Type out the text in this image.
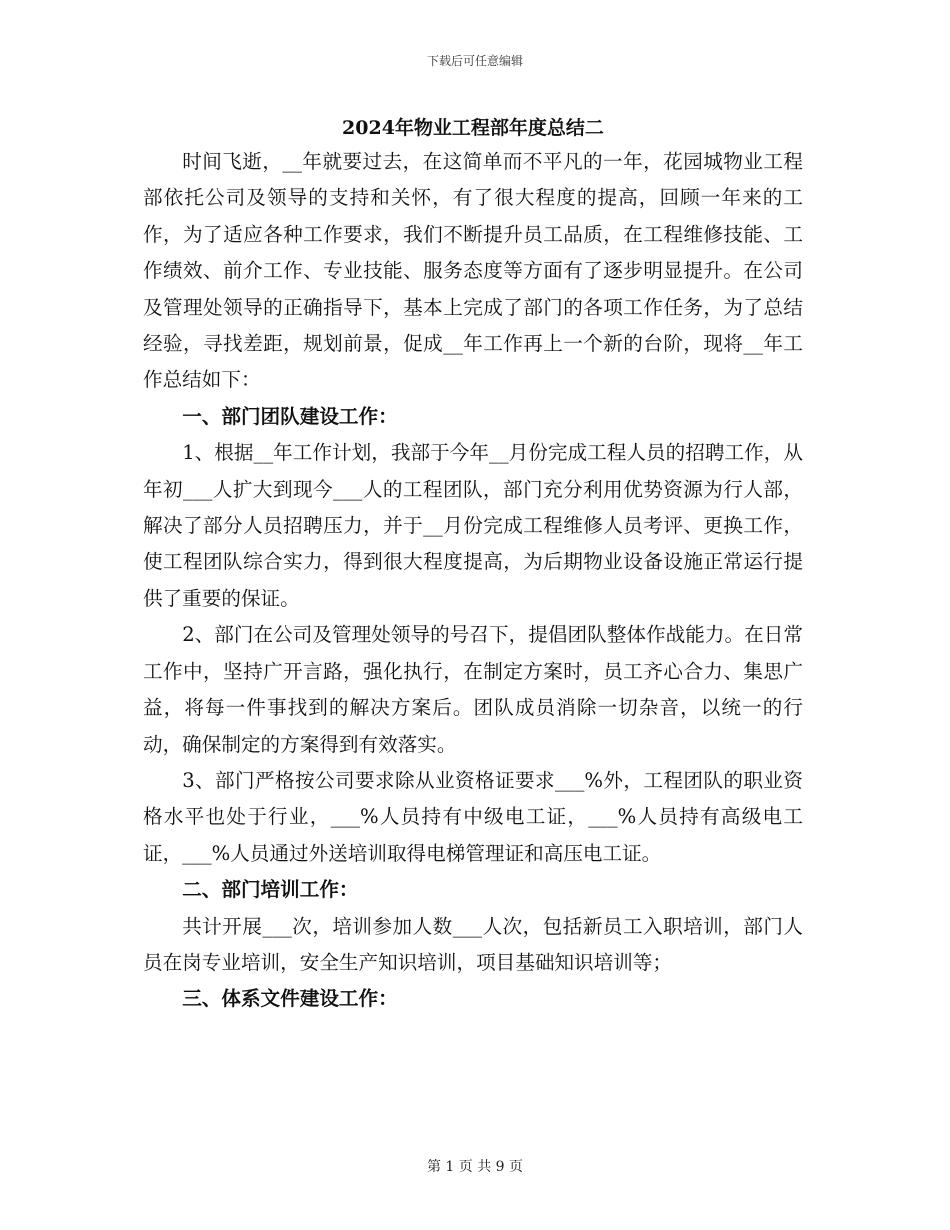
下载后可任意编辑
2024年物业工程部年度总结二

时间飞逝，__年就要过去，在这简单而不平凡的一年，花园城物业工程部依托公司及领导的支持和关怀，有了很大程度的提高，回顾一年来的工作，为了适应各种工作要求，我们不断提升员工品质，在工程维修技能、工作绩效、前介工作、专业技能、服务态度等方面有了逐步明显提升。在公司及管理处领导的正确指导下，基本上完成了部门的各项工作任务，为了总结经验，寻找差距，规划前景，促成__年工作再上一个新的台阶，现将__年工作总结如下：

一、部门团队建设工作：

1、根据__年工作计划，我部于今年__月份完成工程人员的招聘工作，从年初___人扩大到现今___人的工程团队，部门充分利用优势资源为行人部，解决了部分人员招聘压力，并于__月份完成工程维修人员考评、更换工作，使工程团队综合实力，得到很大程度提高，为后期物业设备设施正常运行提供了重要的保证。

2、部门在公司及管理处领导的号召下，提倡团队整体作战能力。在日常工作中，坚持广开言路，强化执行，在制定方案时，员工齐心合力、集思广益，将每一件事找到的解决方案后。团队成员消除一切杂音，以统一的行动，确保制定的方案得到有效落实。

3、部门严格按公司要求除从业资格证要求___%外，工程团队的职业资格水平也处于行业，___%人员持有中级电工证，___%人员持有高级电工证，___%人员通过外送培训取得电梯管理证和高压电工证。

二、部门培训工作：

共计开展___次，培训参加人数___人次，包括新员工入职培训，部门人员在岗专业培训，安全生产知识培训，项目基础知识培训等；

三、体系文件建设工作：
第 1 页 共 9 页
